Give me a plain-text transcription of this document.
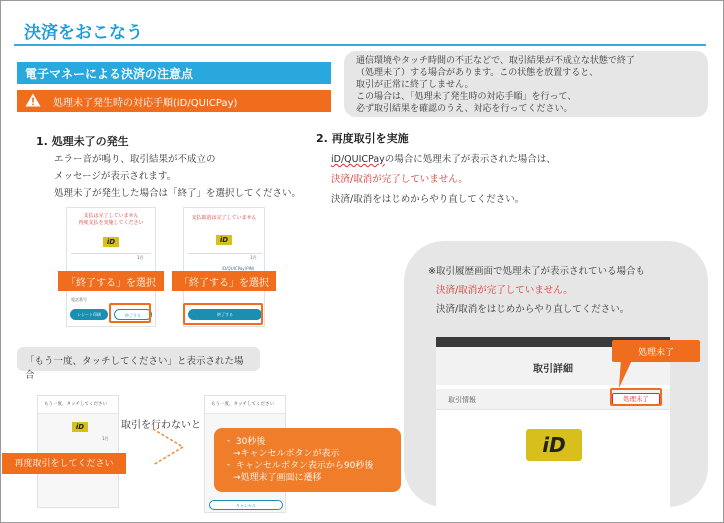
決済をおこなう
通信環境やタッチ時間の不正などで、取引結果が不成立な状態で終了
（処理未了）する場合があります。この状態を放置すると、
取引が正常に終了しません。
この場合は、「処理未了発生時の対応手順」を行って、
必ず取引結果を確認のうえ、対応を行ってください。
電子マネーによる決済の注意点
処理未了発生時の対応手順(iD/QUICPay)
1. 処理未了の発生
エラー音が鳴り、取引結果が不成立の
メッセージが表示されます。
処理未了が発生した場合は「終了」を選択してください。
2. 再度取引を実施
iD/QUICPayの場合に処理未了が表示された場合は、
決済/取消が完了していません。
決済/取消をはじめからやり直してください。
支払は完了していません
再度支払を実施してください
iD
1円
電話番号
レシート印刷	終了する
「終了する」を選択
支払取消は完了していません
iD
1円
iD/QUICPay(PIN)
終了する
「終了する」を選択
「もう一度、タッチしてください」と表示された場合
もう一度、タッチしてください
iD
1円
再度取引をしてください
取引を行わないと
もう一度、タッチしてください
キャンセル
・ 30秒後
　→キャンセルボタンが表示
・ キャンセルボタン表示から90秒後
　→処理未了画面に遷移
※取引履歴画面で処理未了が表示されている場合も
決済/取消が完了していません。
決済/取消をはじめからやり直してください。
取引詳細
取引情報	処理未了
iD
処理未了
